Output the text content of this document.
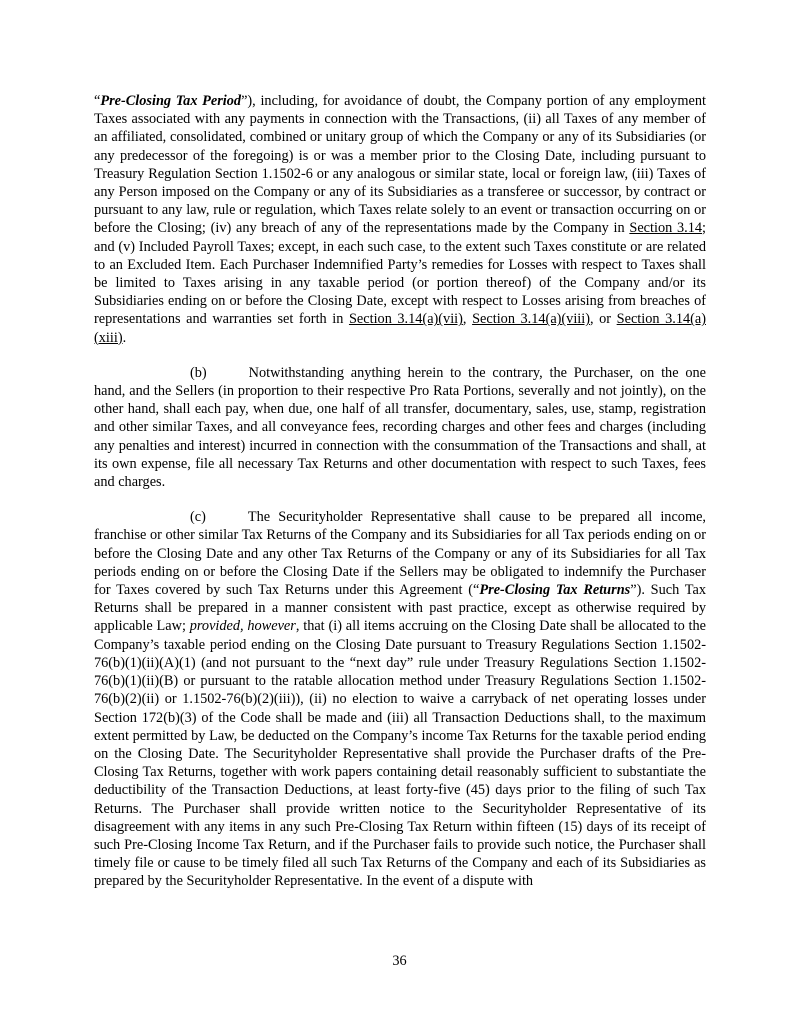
“Pre-Closing Tax Period”), including, for avoidance of doubt, the Company portion of any employment Taxes associated with any payments in connection with the Transactions, (ii) all Taxes of any member of an affiliated, consolidated, combined or unitary group of which the Company or any of its Subsidiaries (or any predecessor of the foregoing) is or was a member prior to the Closing Date, including pursuant to Treasury Regulation Section 1.1502-6 or any analogous or similar state, local or foreign law, (iii) Taxes of any Person imposed on the Company or any of its Subsidiaries as a transferee or successor, by contract or pursuant to any law, rule or regulation, which Taxes relate solely to an event or transaction occurring on or before the Closing; (iv) any breach of any of the representations made by the Company in Section 3.14; and (v) Included Payroll Taxes; except, in each such case, to the extent such Taxes constitute or are related to an Excluded Item. Each Purchaser Indemnified Party’s remedies for Losses with respect to Taxes shall be limited to Taxes arising in any taxable period (or portion thereof) of the Company and/or its Subsidiaries ending on or before the Closing Date, except with respect to Losses arising from breaches of representations and warranties set forth in Section 3.14(a)(vii), Section 3.14(a)(viii), or Section 3.14(a)(xiii).

(b)	Notwithstanding anything herein to the contrary, the Purchaser, on the one hand, and the Sellers (in proportion to their respective Pro Rata Portions, severally and not jointly), on the other hand, shall each pay, when due, one half of all transfer, documentary, sales, use, stamp, registration and other similar Taxes, and all conveyance fees, recording charges and other fees and charges (including any penalties and interest) incurred in connection with the consummation of the Transactions and shall, at its own expense, file all necessary Tax Returns and other documentation with respect to such Taxes, fees and charges.

(c)	The Securityholder Representative shall cause to be prepared all income, franchise or other similar Tax Returns of the Company and its Subsidiaries for all Tax periods ending on or before the Closing Date and any other Tax Returns of the Company or any of its Subsidiaries for all Tax periods ending on or before the Closing Date if the Sellers may be obligated to indemnify the Purchaser for Taxes covered by such Tax Returns under this Agreement (“Pre-Closing Tax Returns”). Such Tax Returns shall be prepared in a manner consistent with past practice, except as otherwise required by applicable Law; provided, however, that (i) all items accruing on the Closing Date shall be allocated to the Company’s taxable period ending on the Closing Date pursuant to Treasury Regulations Section 1.1502-76(b)(1)(ii)(A)(1) (and not pursuant to the “next day” rule under Treasury Regulations Section 1.1502-76(b)(1)(ii)(B) or pursuant to the ratable allocation method under Treasury Regulations Section 1.1502-76(b)(2)(ii) or 1.1502-76(b)(2)(iii)), (ii) no election to waive a carryback of net operating losses under Section 172(b)(3) of the Code shall be made and (iii) all Transaction Deductions shall, to the maximum extent permitted by Law, be deducted on the Company’s income Tax Returns for the taxable period ending on the Closing Date. The Securityholder Representative shall provide the Purchaser drafts of the Pre-Closing Tax Returns, together with work papers containing detail reasonably sufficient to substantiate the deductibility of the Transaction Deductions, at least forty-five (45) days prior to the filing of such Tax Returns. The Purchaser shall provide written notice to the Securityholder Representative of its disagreement with any items in any such Pre-Closing Tax Return within fifteen (15) days of its receipt of such Pre-Closing Income Tax Return, and if the Purchaser fails to provide such notice, the Purchaser shall timely file or cause to be timely filed all such Tax Returns of the Company and each of its Subsidiaries as prepared by the Securityholder Representative. In the event of a dispute with

36
